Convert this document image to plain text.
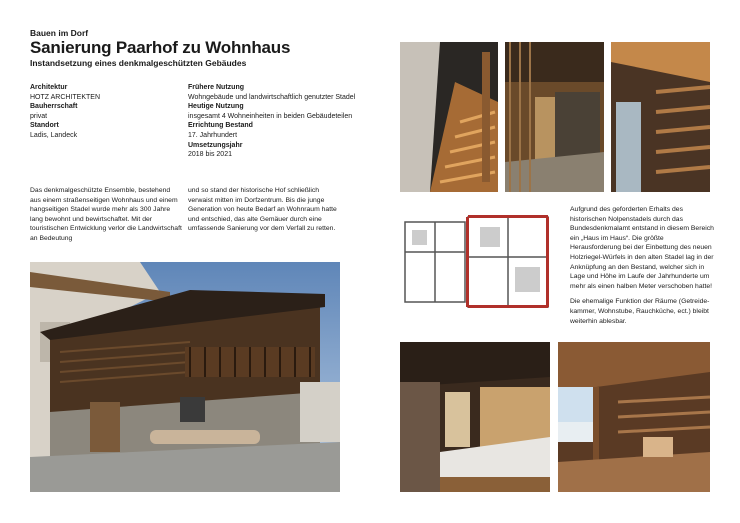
Bauen im Dorf
Sanierung Paarhof zu Wohnhaus
Instandsetzung eines denkmalgeschützten Gebäudes
Architektur
HOTZ ARCHITEKTEN
Bauherrschaft
privat
Standort
Ladis, Landeck
Frühere Nutzung
Wohngebäude und landwirtschaftlich genutzter Stadel
Heutige Nutzung
insgesamt 4 Wohneinheiten in beiden Gebäudeteilen
Errichtung Bestand
17. Jahrhundert
Umsetzungsjahr
2018 bis 2021
Das denkmalgeschützte Ensemble, bestehend aus einem straßenseitigen Wohnhaus und einem hangseitigen Stadel wurde mehr als 300 Jahre lang bewohnt und bewirtschaftet. Mit der touristischen Entwicklung verlor die Landwirtschaft an Bedeutung
und so stand der historische Hof schließlich verwaist mitten im Dorfzentrum. Bis die junge Generation von heute Bedarf an Wohnraum hatte und entschied, das alte Gemäuer durch eine umfassende Sanierung vor dem Verfall zu retten.

Aufgrund des geforderten Erhalts des historischen Nolpenstadels durch das Bundesdenkmalamt entstand in diesem Bereich ein „Haus im Haus“. Die größte Herausforderung bei der Einbettung des neuen Holzriegel-Würfels in den alten Stadel lag in der Anknüpfung an den Bestand, welcher sich in Lage und Höhe im Laufe der Jahrhunderte um mehr als einen halben Meter verschoben hatte!

Die ehemalige Funktion der Räume (Getreidekammer, Wohnstube, Rauchküche, ect.) bleibt weiterhin ablesbar.
